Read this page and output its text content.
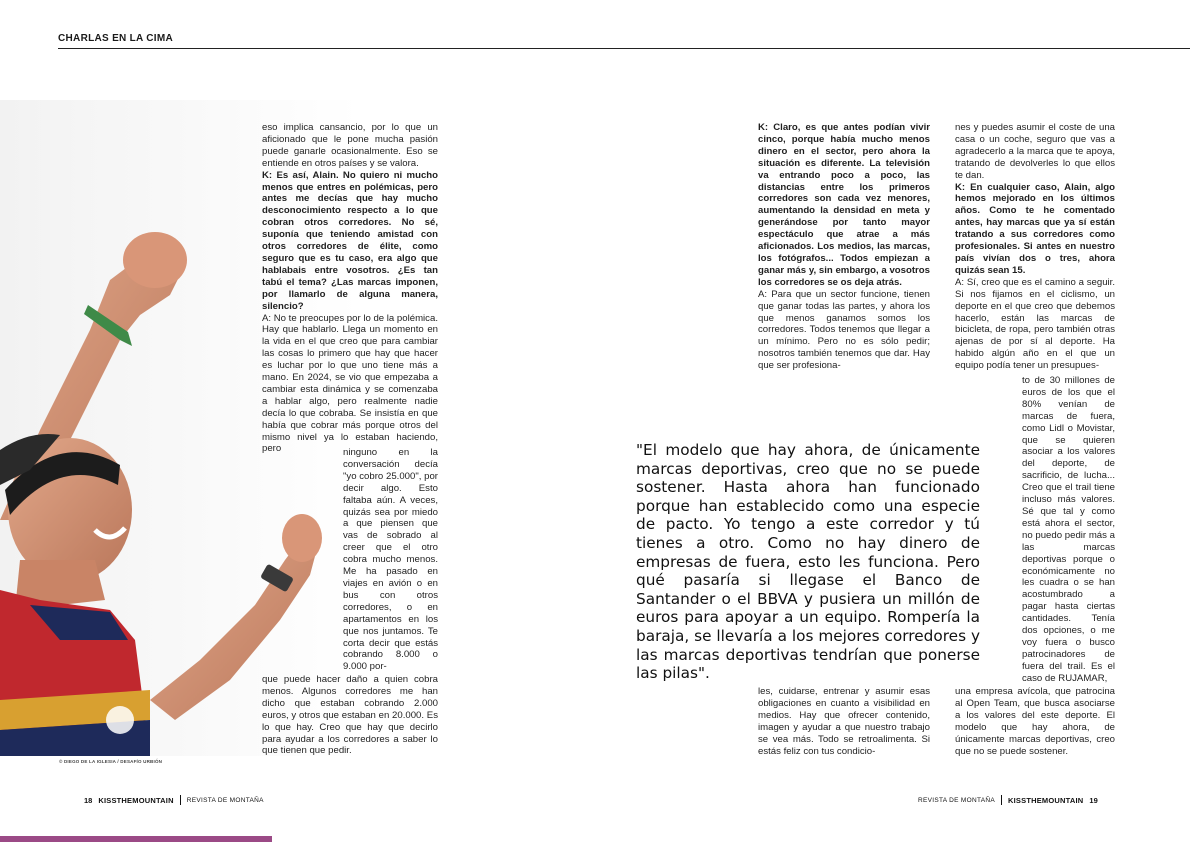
CHARLAS EN LA CIMA
© DIEGO DE LA IGLESIA / DESAFÍO URBIÓN

eso implica cansancio, por lo que un aficionado que le pone mucha pasión puede ganarle ocasionalmente. Eso se entiende en otros países y se valora.

K: Es así, Alain. No quiero ni mucho menos que entres en polémicas, pero antes me decías que hay mucho desconocimiento respecto a lo que cobran otros corredores. No sé, suponía que teniendo amistad con otros corredores de élite, como seguro que es tu caso, era algo que hablabais entre vosotros. ¿Es tan tabú el tema? ¿Las marcas imponen, por llamarlo de alguna manera, silencio?

A: No te preocupes por lo de la polémica. Hay que hablarlo. Llega un momento en la vida en el que creo que para cambiar las cosas lo primero que hay que hacer es luchar por lo que uno tiene más a mano. En 2024, se vio que empezaba a cambiar esta dinámica y se comenzaba a hablar algo, pero realmente nadie decía lo que cobraba. Se insistía en que había que cobrar más porque otros del mismo nivel ya lo estaban haciendo, pero	ninguno en la conversación decía "yo cobro 25.000", por decir algo. Esto faltaba aún. A veces, quizás sea por miedo a que piensen que vas de sobrado al creer que el otro cobra mucho menos. Me ha pasado en viajes en avión o en bus con otros corredores, o en apartamentos en los que nos juntamos. Te corta decir que estás cobrando 8.000 o 9.000 por-

que puede hacer daño a quien cobra menos. Algunos corredores me han dicho que estaban cobrando 2.000 euros, y otros que estaban en 20.000. Es lo que hay. Creo que hay que decirlo para ayudar a los corredores a saber lo que tienen que pedir.

K: Claro, es que antes podían vivir cinco, porque había mucho menos dinero en el sector, pero ahora la situación es diferente. La televisión va entrando poco a poco, las distancias entre los primeros corredores son cada vez menores, aumentando la densidad en meta y generándose por tanto mayor espectáculo que atrae a más aficionados. Los medios, las marcas, los fotógrafos... Todos empiezan a ganar más y, sin embargo, a vosotros los corredores se os deja atrás.

A: Para que un sector funcione, tienen que ganar todas las partes, y ahora los que menos ganamos somos los corredores. Todos tenemos que llegar a un mínimo. Pero no es sólo pedir; nosotros también tenemos que dar. Hay que ser profesiona-

les, cuidarse, entrenar y asumir esas obligaciones en cuanto a visibilidad en medios. Hay que ofrecer contenido, imagen y ayudar a que nuestro trabajo se vea más. Todo se retroalimenta. Si estás feliz con tus condicio-

nes y puedes asumir el coste de una casa o un coche, seguro que vas a agradecerlo a la marca que te apoya, tratando de devolverles lo que ellos te dan.

K: En cualquier caso, Alain, algo hemos mejorado en los últimos años. Como te he comentado antes, hay marcas que ya sí están tratando a sus corredores como profesionales. Si antes en nuestro país vivían dos o tres, ahora quizás sean 15.

A: Sí, creo que es el camino a seguir. Si nos fijamos en el ciclismo, un deporte en el que creo que debemos hacerlo, están las marcas de bicicleta, de ropa, pero también otras ajenas de por sí al deporte. Ha habido algún año en el que un equipo podía tener un presupues-

to de 30 millones de euros de los que el 80% venían de marcas de fuera, como Lidl o Movistar, que se quieren asociar a los valores del deporte, de sacrificio, de lucha... Creo que el trail tiene incluso más valores. Sé que tal y como está ahora el sector, no puedo pedir más a las marcas deportivas porque o económicamente no les cuadra o se han acostumbrado a pagar hasta ciertas cantidades. Tenía dos opciones, o me voy fuera o busco patrocinadores de fuera del trail. Es el caso de RUJAMAR,

una empresa avícola, que patrocina al Open Team, que busca asociarse a los valores del este deporte. El modelo que hay ahora, de únicamente marcas deportivas, creo que no se puede sostener.

"El modelo que hay ahora, de únicamente marcas deportivas, creo que no se puede sostener. Hasta ahora han funcionado porque han establecido como una especie de pacto. Yo tengo a este corredor y tú tienes a otro. Como no hay dinero de empresas de fuera, esto les funciona. Pero qué pasaría si llegase el Banco de Santander o el BBVA y pusiera un millón de euros para apoyar a un equipo. Rompería la baraja, se llevaría a los mejores corredores y las marcas deportivas tendrían que ponerse las pilas".
18 KISSTHEMOUNTAIN REVISTA DE MONTAÑA	REVISTA DE MONTAÑA KISSTHEMOUNTAIN 19
